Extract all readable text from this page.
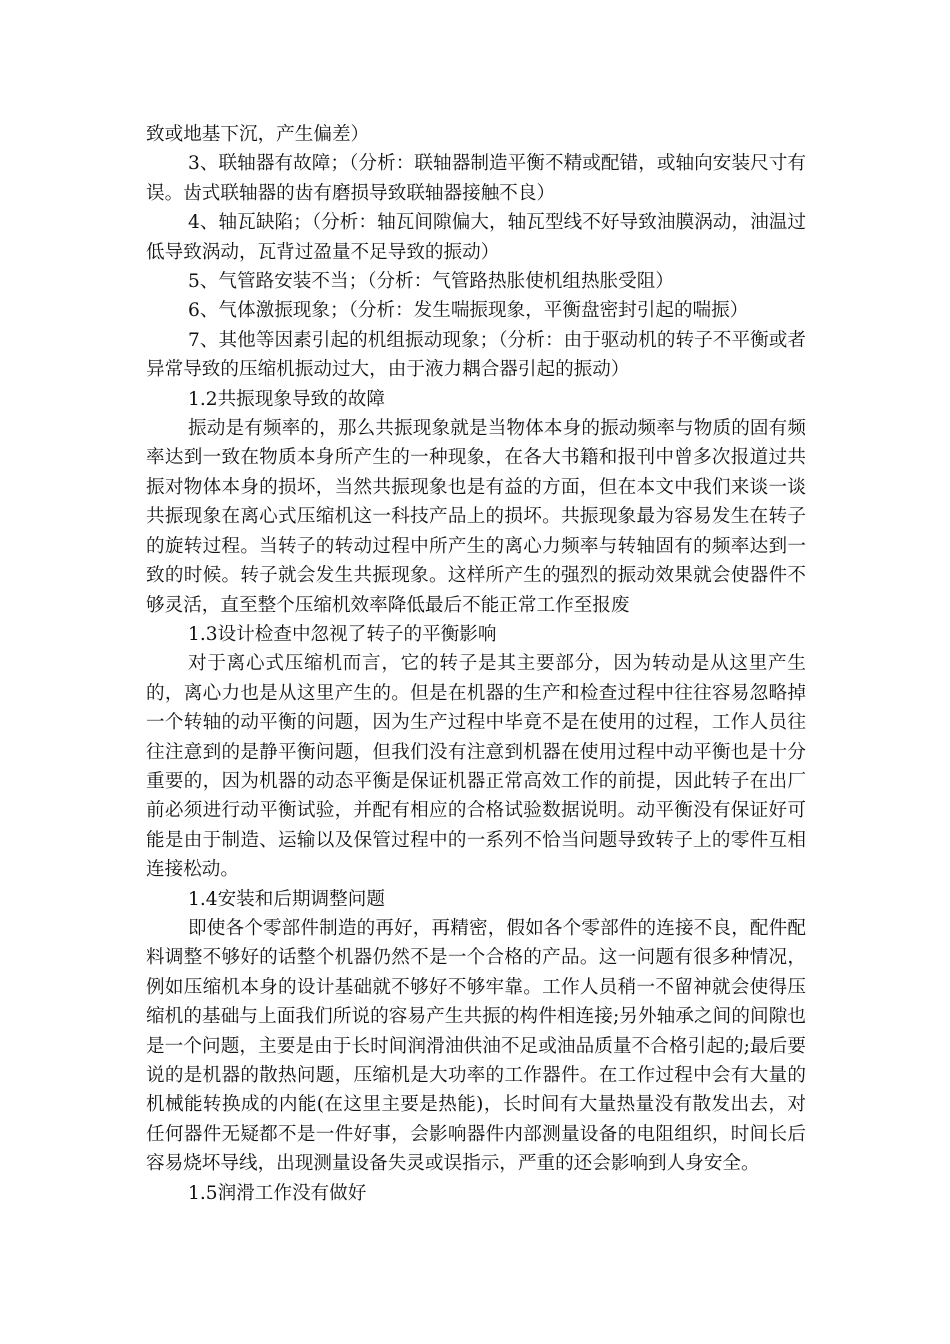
致或地基下沉，产生偏差）

3、联轴器有故障；（分析：联轴器制造平衡不精或配错，或轴向安装尺寸有误。齿式联轴器的齿有磨损导致联轴器接触不良）

4、轴瓦缺陷；（分析：轴瓦间隙偏大，轴瓦型线不好导致油膜涡动，油温过低导致涡动，瓦背过盈量不足导致的振动）

5、气管路安装不当；（分析：气管路热胀使机组热胀受阻）

6、气体激振现象；（分析：发生喘振现象，平衡盘密封引起的喘振）

7、其他等因素引起的机组振动现象；（分析：由于驱动机的转子不平衡或者异常导致的压缩机振动过大，由于液力耦合器引起的振动）

1.2共振现象导致的故障

振动是有频率的，那么共振现象就是当物体本身的振动频率与物质的固有频率达到一致在物质本身所产生的一种现象，在各大书籍和报刊中曾多次报道过共振对物体本身的损坏，当然共振现象也是有益的方面，但在本文中我们来谈一谈共振现象在离心式压缩机这一科技产品上的损坏。共振现象最为容易发生在转子的旋转过程。当转子的转动过程中所产生的离心力频率与转轴固有的频率达到一致的时候。转子就会发生共振现象。这样所产生的强烈的振动效果就会使器件不够灵活，直至整个压缩机效率降低最后不能正常工作至报废

1.3设计检查中忽视了转子的平衡影响

对于离心式压缩机而言，它的转子是其主要部分，因为转动是从这里产生的，离心力也是从这里产生的。但是在机器的生产和检查过程中往往容易忽略掉一个转轴的动平衡的问题，因为生产过程中毕竟不是在使用的过程，工作人员往往注意到的是静平衡问题，但我们没有注意到机器在使用过程中动平衡也是十分重要的，因为机器的动态平衡是保证机器正常高效工作的前提，因此转子在出厂前必须进行动平衡试验，并配有相应的合格试验数据说明。动平衡没有保证好可能是由于制造、运输以及保管过程中的一系列不恰当问题导致转子上的零件互相连接松动。

1.4安装和后期调整问题

即使各个零部件制造的再好，再精密，假如各个零部件的连接不良，配件配料调整不够好的话整个机器仍然不是一个合格的产品。这一问题有很多种情况，例如压缩机本身的设计基础就不够好不够牢靠。工作人员稍一不留神就会使得压缩机的基础与上面我们所说的容易产生共振的构件相连接;另外轴承之间的间隙也是一个问题，主要是由于长时间润滑油供油不足或油品质量不合格引起的;最后要说的是机器的散热问题，压缩机是大功率的工作器件。在工作过程中会有大量的机械能转换成的内能(在这里主要是热能)，长时间有大量热量没有散发出去，对任何器件无疑都不是一件好事，会影响器件内部测量设备的电阻组织，时间长后容易烧坏导线，出现测量设备失灵或误指示，严重的还会影响到人身安全。

1.5润滑工作没有做好
